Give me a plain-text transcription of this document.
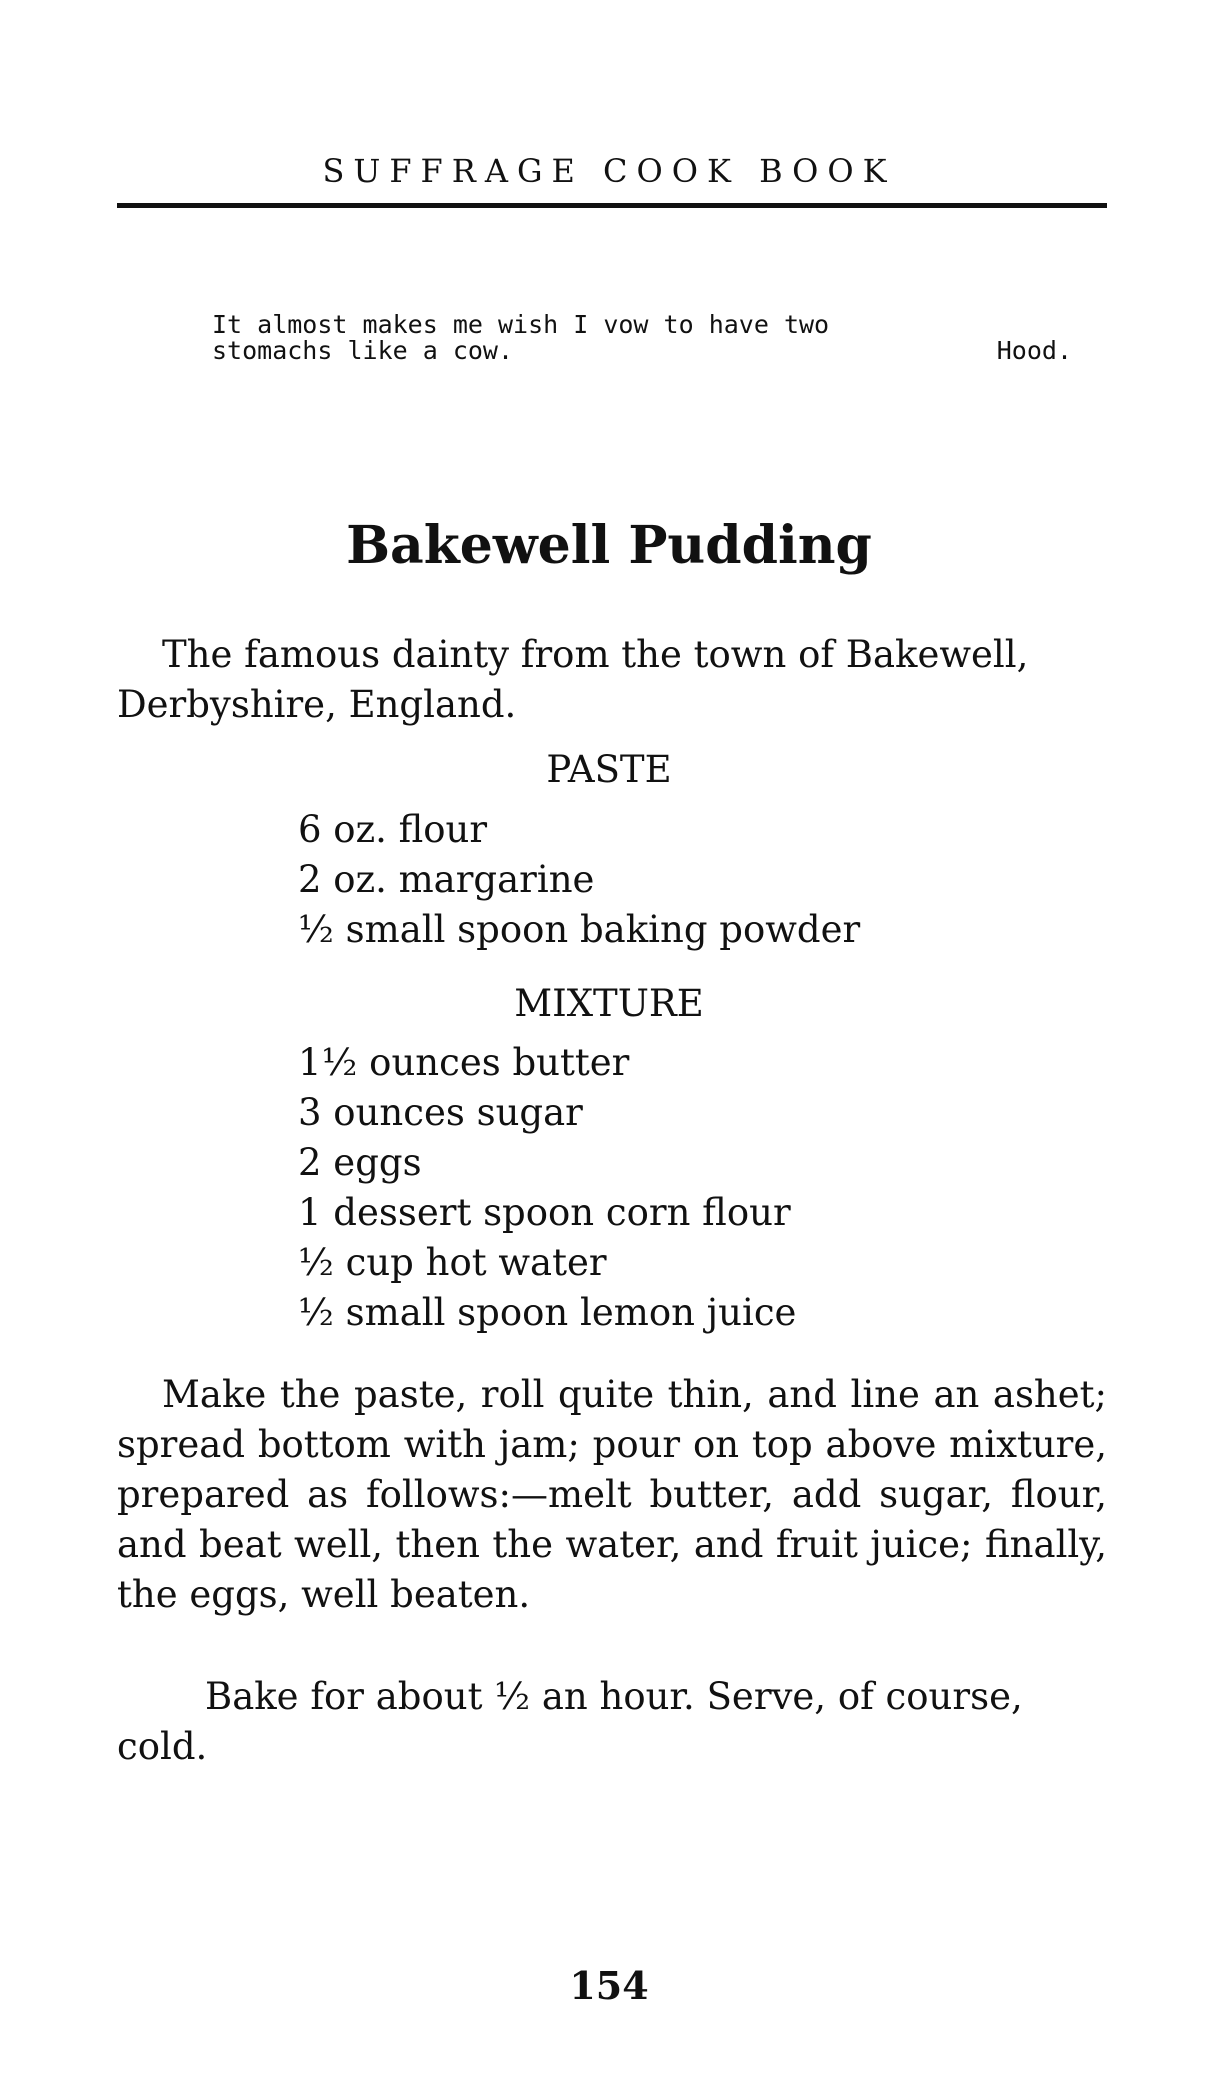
SUFFRAGE COOK BOOK
It almost makes me wish I vow to have two
stomachs like a cow.	Hood.
Bakewell Pudding
The famous dainty from the town of Bakewell, Derbyshire, England.
PASTE
6 oz. flour
2 oz. margarine
½ small spoon baking powder
MIXTURE
1½ ounces butter
3 ounces sugar
2 eggs
1 dessert spoon corn flour
½ cup hot water
½ small spoon lemon juice
Make the paste, roll quite thin, and line an ashet; spread bottom with jam; pour on top above mixture, prepared as follows:—melt butter, add sugar, flour, and beat well, then the water, and fruit juice; finally, the eggs, well beaten.
Bake for about ½ an hour. Serve, of course, cold.
154
